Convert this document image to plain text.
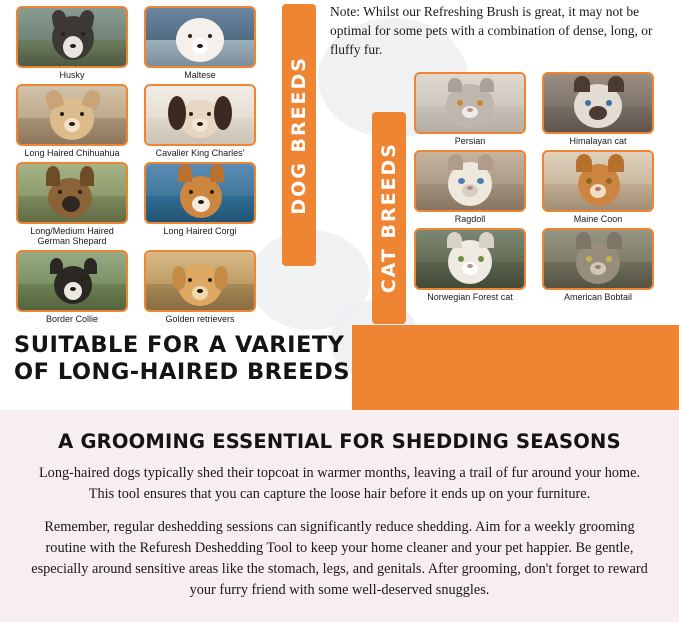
Note: Whilst our Refreshing Brush is great, it may not be optimal for some pets with a combination of dense, long, or fluffy fur.
Husky	Maltese
Long Haired Chihuahua	Cavalier King Charles'
Long/Medium Haired German Shepard
Long Haired Corgi
Border Collie	Golden retrievers
DOG BREEDS
CAT BREEDS
Persian	Himalayan cat
Ragdoll	Maine Coon
Norwegian Forest cat	American Bobtail
SUITABLE FOR A VARIETY OF LONG-HAIRED BREEDS
A GROOMING ESSENTIAL FOR SHEDDING SEASONS
Long-haired dogs typically shed their topcoat in warmer months, leaving a trail of fur around your home. This tool ensures that you can capture the loose hair before it ends up on your furniture.
Remember, regular deshedding sessions can significantly reduce shedding. Aim for a weekly grooming routine with the Refuresh Deshedding Tool to keep your home cleaner and your pet happier. Be gentle, especially around sensitive areas like the stomach, legs, and genitals. After grooming, don't forget to reward your furry friend with some well-deserved snuggles.
